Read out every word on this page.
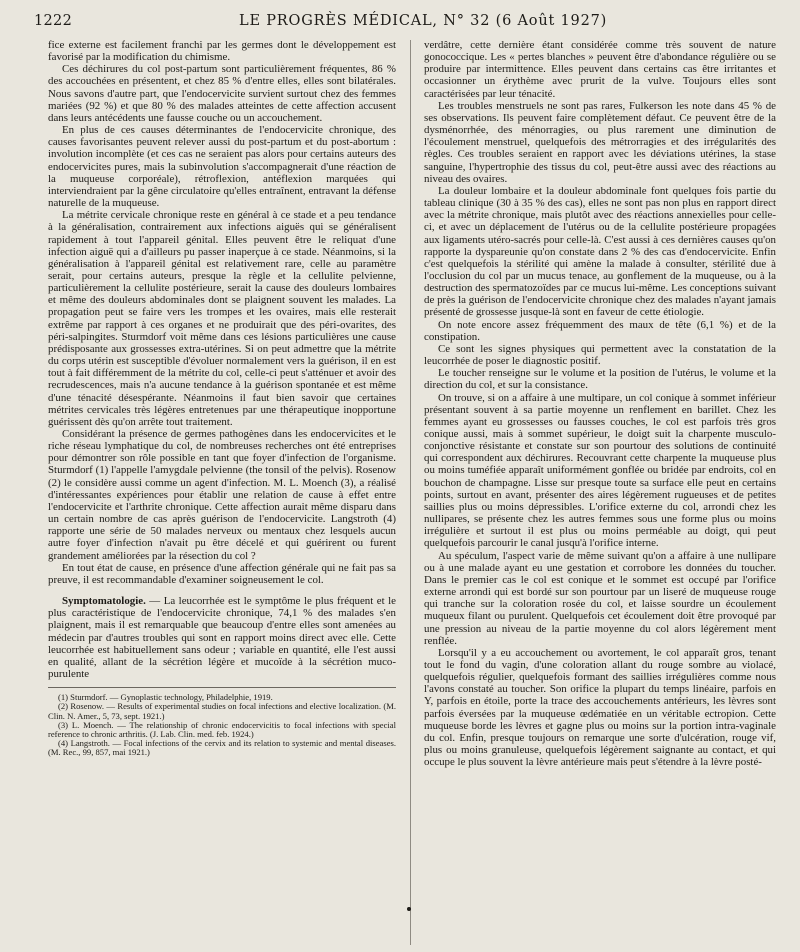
1222	LE PROGRÈS MÉDICAL, N° 32 (6 Août 1927)

fice externe est facilement franchi par les germes dont le développement est favorisé par la modification du chimisme.

Ces déchirures du col post-partum sont particulièrement fréquentes, 86 % des accouchées en présentent, et chez 85 % d'entre elles, elles sont bilatérales. Nous savons d'autre part, que l'endocervicite survient surtout chez des femmes mariées (92 %) et que 80 % des malades atteintes de cette affection accusent dans leurs antécédents une fausse couche ou un accouchement.

En plus de ces causes déterminantes de l'endocervicite chronique, des causes favorisantes peuvent relever aussi du post-partum et du post-abortum : involution incomplète (et ces cas ne seraient pas alors pour certains auteurs des endocervicites pures, mais la subinvolution s'accompagnerait d'une réaction de la muqueuse corporéale), rétroflexion, antéflexion marquées qui interviendraient par la gêne circulatoire qu'elles entraînent, entravant la défense naturelle de la muqueuse.

La métrite cervicale chronique reste en général à ce stade et a peu tendance à la généralisation, contrairement aux infections aiguës qui se généralisent rapidement à tout l'appareil génital. Elles peuvent être le reliquat d'une infection aiguë qui a d'ailleurs pu passer inaperçue à ce stade. Néanmoins, si la généralisation à l'appareil génital est relativement rare, celle au paramètre serait, pour certains auteurs, presque la règle et la cellulite pelvienne, particulièrement la cellulite postérieure, serait la cause des douleurs lombaires et même des douleurs abdominales dont se plaignent souvent les malades. La propagation peut se faire vers les trompes et les ovaires, mais elle resterait extrême par rapport à ces organes et ne produirait que des péri-ovarites, des péri-salpingites. Sturmdorf voit même dans ces lésions particulières une cause prédisposante aux grossesses extra-utérines. Si on peut admettre que la métrite du corps utérin est susceptible d'évoluer normalement vers la guérison, il en est tout à fait différemment de la métrite du col, celle-ci peut s'atténuer et avoir des recrudescences, mais n'a aucune tendance à la guérison spontanée et est même d'une ténacité désespérante. Néanmoins il faut bien savoir que certaines métrites cervicales très légères entretenues par une thérapeutique inopportune guérissent dès qu'on arrête tout traitement.

Considérant la présence de germes pathogènes dans les endocervicites et le riche réseau lymphatique du col, de nombreuses recherches ont été entreprises pour démontrer son rôle possible en tant que foyer d'infection de l'organisme. Sturmdorf (1) l'appelle l'amygdale pelvienne (the tonsil of the pelvis). Rosenow (2) le considère aussi comme un agent d'infection. M. L. Moench (3), a réalisé d'intéressantes expériences pour établir une relation de cause à effet entre l'endocervicite et l'arthrite chronique. Cette affection aurait même disparu dans un certain nombre de cas après guérison de l'endocervicite. Langstroth (4) rapporte une série de 50 malades nerveux ou mentaux chez lesquels aucun autre foyer d'infection n'avait pu être décelé et qui guérirent ou furent grandement améliorées par la résection du col ?

En tout état de cause, en présence d'une affection générale qui ne fait pas sa preuve, il est recommandable d'examiner soigneusement le col.

Symptomatologie. — La leucorrhée est le symptôme le plus fréquent et le plus caractéristique de l'endocervicite chronique, 74,1 % des malades s'en plaignent, mais il est remarquable que beaucoup d'entre elles sont amenées au médecin par d'autres troubles qui sont en rapport moins direct avec elle. Cette leucorrhée est habituellement sans odeur ; variable en quantité, elle l'est aussi en qualité, allant de la sécrétion légère et mucoïde à la sécrétion muco-purulente

(1) Sturmdorf. — Gynoplastic technology, Philadelphie, 1919.

(2) Rosenow. — Results of experimental studies on focal infections and elective localization. (M. Clin. N. Amer., 5, 73, sept. 1921.)

(3) L. Moench. — The relationship of chronic endocervicitis to focal infections with special reference to chronic arthritis. (J. Lab. Clin. med. feb. 1924.)

(4) Langstroth. — Focal infections of the cervix and its relation to systemic and mental diseases. (M. Rec., 99, 857, mai 1921.)

verdâtre, cette dernière étant considérée comme très souvent de nature gonococcique. Les « pertes blanches » peuvent être d'abondance régulière ou se produire par intermittence. Elles peuvent dans certains cas être irritantes et occasionner un érythème avec prurit de la vulve. Toujours elles sont caractérisées par leur ténacité.

Les troubles menstruels ne sont pas rares, Fulkerson les note dans 45 % de ses observations. Ils peuvent faire complètement défaut. Ce peuvent être de la dysménorrhée, des ménorragies, ou plus rarement une diminution de l'écoulement menstruel, quelquefois des métrorragies et des irrégularités des règles. Ces troubles seraient en rapport avec les déviations utérines, la stase sanguine, l'hypertrophie des tissus du col, peut-être aussi avec des réactions au niveau des ovaires.

La douleur lombaire et la douleur abdominale font quelques fois partie du tableau clinique (30 à 35 % des cas), elles ne sont pas non plus en rapport direct avec la métrite chronique, mais plutôt avec des réactions annexielles pour celle-ci, et avec un déplacement de l'utérus ou de la cellulite postérieure propagées aux ligaments utéro-sacrés pour celle-là. C'est aussi à ces dernières causes qu'on rapporte la dyspareunie qu'on constate dans 2 % des cas d'endocervicite. Enfin c'est quelquefois la stérilité qui amène la malade à consulter, stérilité due à l'occlusion du col par un mucus tenace, au gonflement de la muqueuse, ou à la destruction des spermatozoïdes par ce mucus lui-même. Les conceptions suivant de près la guérison de l'endocervicite chronique chez des malades n'ayant jamais présenté de grossesse jusque-là sont en faveur de cette étiologie.

On note encore assez fréquemment des maux de tête (6,1 %) et de la constipation.

Ce sont les signes physiques qui permettent avec la constatation de la leucorrhée de poser le diagnostic positif.

Le toucher renseigne sur le volume et la position de l'utérus, le volume et la direction du col, et sur la consistance.

On trouve, si on a affaire à une multipare, un col conique à sommet inférieur présentant souvent à sa partie moyenne un renflement en barillet. Chez les femmes ayant eu grossesses ou fausses couches, le col est parfois très gros conique aussi, mais à sommet supérieur, le doigt suit la charpente musculo-conjonctive résistante et constate sur son pourtour des solutions de continuité qui correspondent aux déchirures. Recouvrant cette charpente la muqueuse plus ou moins tuméfiée apparaît uniformément gonflée ou bridée par endroits, col en bouchon de champagne. Lisse sur presque toute sa surface elle peut en certains points, surtout en avant, présenter des aires légèrement rugueuses et de petites saillies plus ou moins dépressibles. L'orifice externe du col, arrondi chez les nullipares, se présente chez les autres femmes sous une forme plus ou moins irrégulière et surtout il est plus ou moins perméable au doigt, qui peut quelquefois parcourir le canal jusqu'à l'orifice interne.

Au spéculum, l'aspect varie de même suivant qu'on a affaire à une nullipare ou à une malade ayant eu une gestation et corrobore les données du toucher. Dans le premier cas le col est conique et le sommet est occupé par l'orifice externe arrondi qui est bordé sur son pourtour par un liseré de muqueuse rouge qui tranche sur la coloration rosée du col, et laisse sourdre un écoulement muqueux filant ou purulent. Quelquefois cet écoulement doit être provoqué par une pression au niveau de la partie moyenne du col alors légèrement ment renflée.

Lorsqu'il y a eu accouchement ou avortement, le col apparaît gros, tenant tout le fond du vagin, d'une coloration allant du rouge sombre au violacé, quelquefois régulier, quelquefois formant des saillies irrégulières comme nous l'avons constaté au toucher. Son orifice la plupart du temps linéaire, parfois en Y, parfois en étoile, porte la trace des accouchements antérieurs, les lèvres sont parfois éversées par la muqueuse œdématiée en un véritable ectropion. Cette muqueuse borde les lèvres et gagne plus ou moins sur la portion intra-vaginale du col. Enfin, presque toujours on remarque une sorte d'ulcération, rouge vif, plus ou moins granuleuse, quelquefois légèrement saignante au contact, et qui occupe le plus souvent la lèvre antérieure mais peut s'étendre à la lèvre posté-
